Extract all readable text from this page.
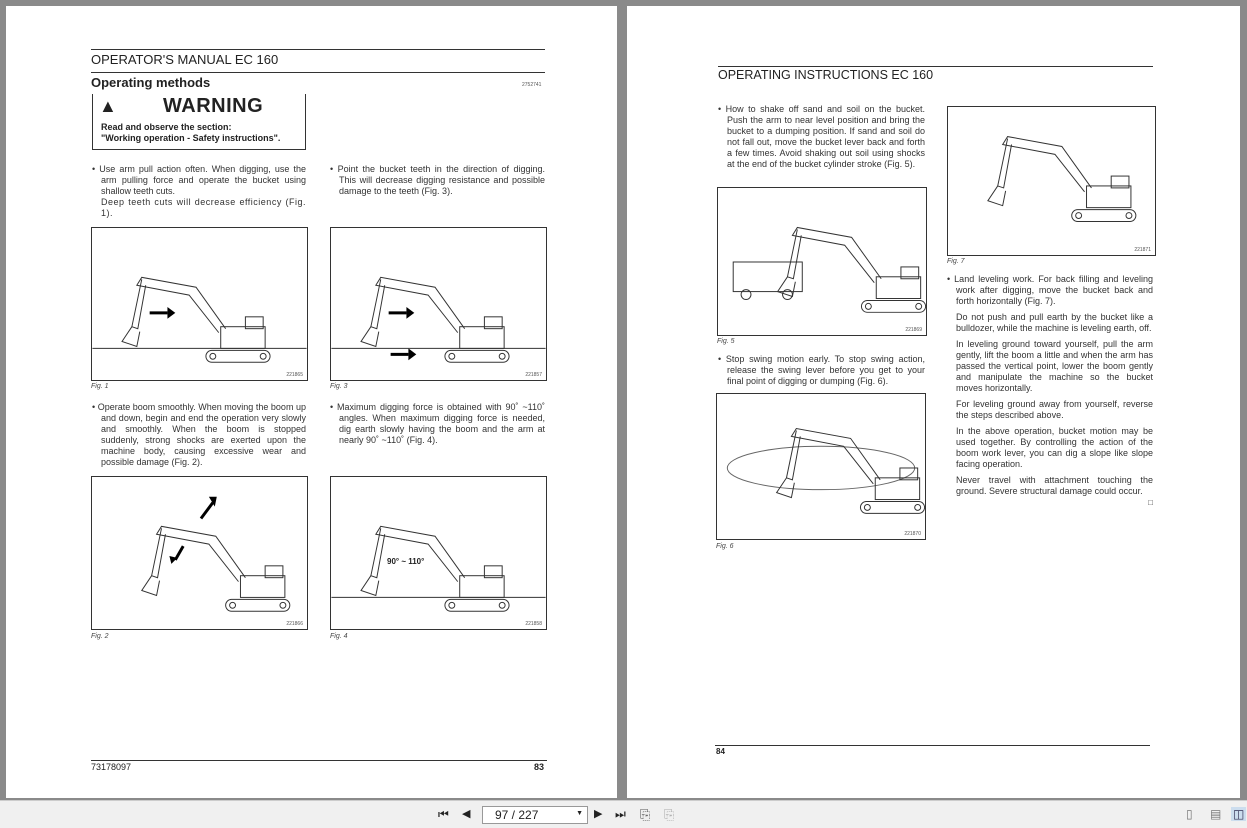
OPERATOR'S MANUAL EC 160
Operating methods	2752741
▲ WARNING
Read and observe the section:
"Working operation - Safety instructions".

• Use arm pull action often. When digging, use the arm pulling force and operate the bucket using shallow teeth cuts.

Deep teeth cuts will decrease efficiency (Fig. 1).

• Point the bucket teeth in the direction of digging. This will decrease digging resistance and possible damage to the teeth (Fig. 3).

221865
Fig. 1
221857
Fig. 3

• Operate boom smoothly. When moving the boom up and down, begin and end the operation very slowly and smoothly. When the boom is stopped suddenly, strong shocks are exerted upon the machine body, causing excessive wear and possible damage (Fig. 2).

• Maximum digging force is obtained with 90˚ ~110˚ angles. When maximum digging force is needed, dig earth slowly having the boom and the arm at nearly 90˚ ~110˚ (Fig. 4).

221866
Fig. 2
90° ~ 110°
221858
Fig. 4
73178097	83
OPERATING INSTRUCTIONS EC 160

• How to shake off sand and soil on the bucket. Push the arm to near level position and bring the bucket to a dumping position. If sand and soil do not fall out, move the bucket lever back and forth a few times. Avoid shaking out soil using shocks at the end of the bucket cylinder stroke (Fig. 5).

221869
Fig. 5

• Stop swing motion early. To stop swing action, release the swing lever before you get to your final point of digging or dumping (Fig. 6).

221870
Fig. 6
221871
Fig. 7

• Land leveling work. For back filling and leveling work after digging, move the bucket back and forth horizontally (Fig. 7).

Do not push and pull earth by the bucket like a bulldozer, while the machine is leveling earth, off.

In leveling ground toward yourself, pull the arm gently, lift the boom a little and when the arm has passed the vertical point, lower the boom gently and manipulate the machine so the bucket moves horizontally.

For leveling ground away from yourself, reverse the steps described above.

In the above operation, bucket motion may be used together. By controlling the action of the boom work lever, you can dig a slope like slope facing operation.

Never travel with attachment touching the ground. Severe structural damage could occur.

□
84
⏮ ◀	97 / 227	▼ ▶ ⏭ ⎘ ⎘	▯ ▤ ◫
